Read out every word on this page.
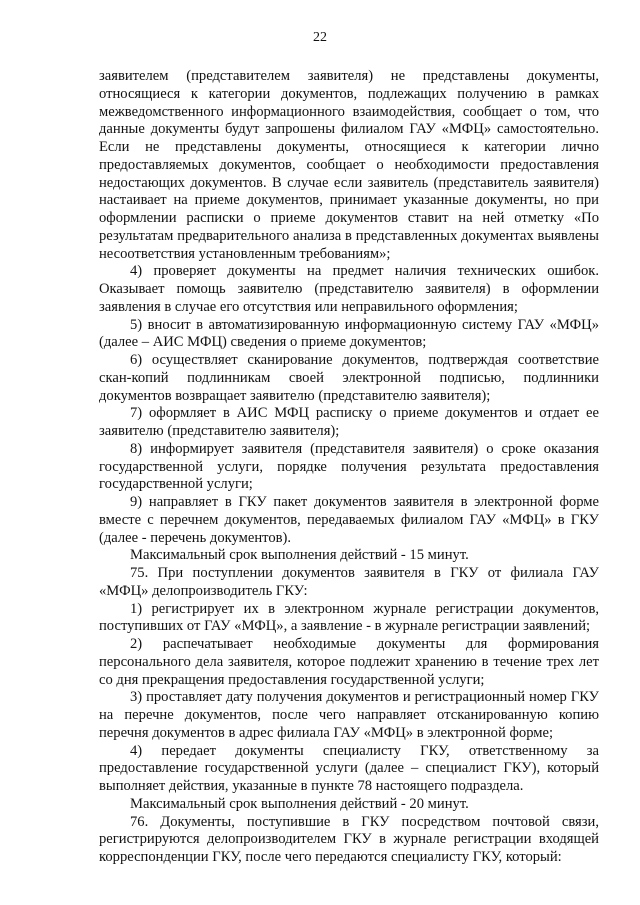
22

заявителем (представителем заявителя) не представлены документы, относящиеся к категории документов, подлежащих получению в рамках межведомственного информационного взаимодействия, сообщает о том, что данные документы будут запрошены филиалом ГАУ «МФЦ» самостоятельно. Если не представлены документы, относящиеся к категории лично предоставляемых документов, сообщает о необходимости предоставления недостающих документов. В случае если заявитель (представитель заявителя) настаивает на приеме документов, принимает указанные документы, но при оформлении расписки о приеме документов ставит на ней отметку «По результатам предварительного анализа в представленных документах выявлены несоответствия установленным требованиям»;

4) проверяет документы на предмет наличия технических ошибок. Оказывает помощь заявителю (представителю заявителя) в оформлении заявления в случае его отсутствия или неправильного оформления;

5) вносит в автоматизированную информационную систему ГАУ «МФЦ» (далее – АИС МФЦ) сведения о приеме документов;

6) осуществляет сканирование документов, подтверждая соответствие скан-копий подлинникам своей электронной подписью, подлинники документов возвращает заявителю (представителю заявителя);

7) оформляет в АИС МФЦ расписку о приеме документов и отдает ее заявителю (представителю заявителя);

8) информирует заявителя (представителя заявителя) о сроке оказания государственной услуги, порядке получения результата предоставления государственной услуги;

9) направляет в ГКУ пакет документов заявителя в электронной форме вместе с перечнем документов, передаваемых филиалом ГАУ «МФЦ» в ГКУ (далее - перечень документов).

Максимальный срок выполнения действий - 15 минут.

75. При поступлении документов заявителя в ГКУ от филиала ГАУ «МФЦ» делопроизводитель ГКУ:

1) регистрирует их в электронном журнале регистрации документов, поступивших от ГАУ «МФЦ», а заявление - в журнале регистрации заявлений;

2) распечатывает необходимые документы для формирования персонального дела заявителя, которое подлежит хранению в течение трех лет со дня прекращения предоставления государственной услуги;

3) проставляет дату получения документов и регистрационный номер ГКУ на перечне документов, после чего направляет отсканированную копию перечня документов в адрес филиала ГАУ «МФЦ» в электронной форме;

4) передает документы специалисту ГКУ, ответственному за предоставление государственной услуги (далее – специалист ГКУ), который выполняет действия, указанные в пункте 78 настоящего подраздела.

Максимальный срок выполнения действий - 20 минут.

76. Документы, поступившие в ГКУ посредством почтовой связи, регистрируются делопроизводителем ГКУ в журнале регистрации входящей корреспонденции ГКУ, после чего передаются специалисту ГКУ, который:
